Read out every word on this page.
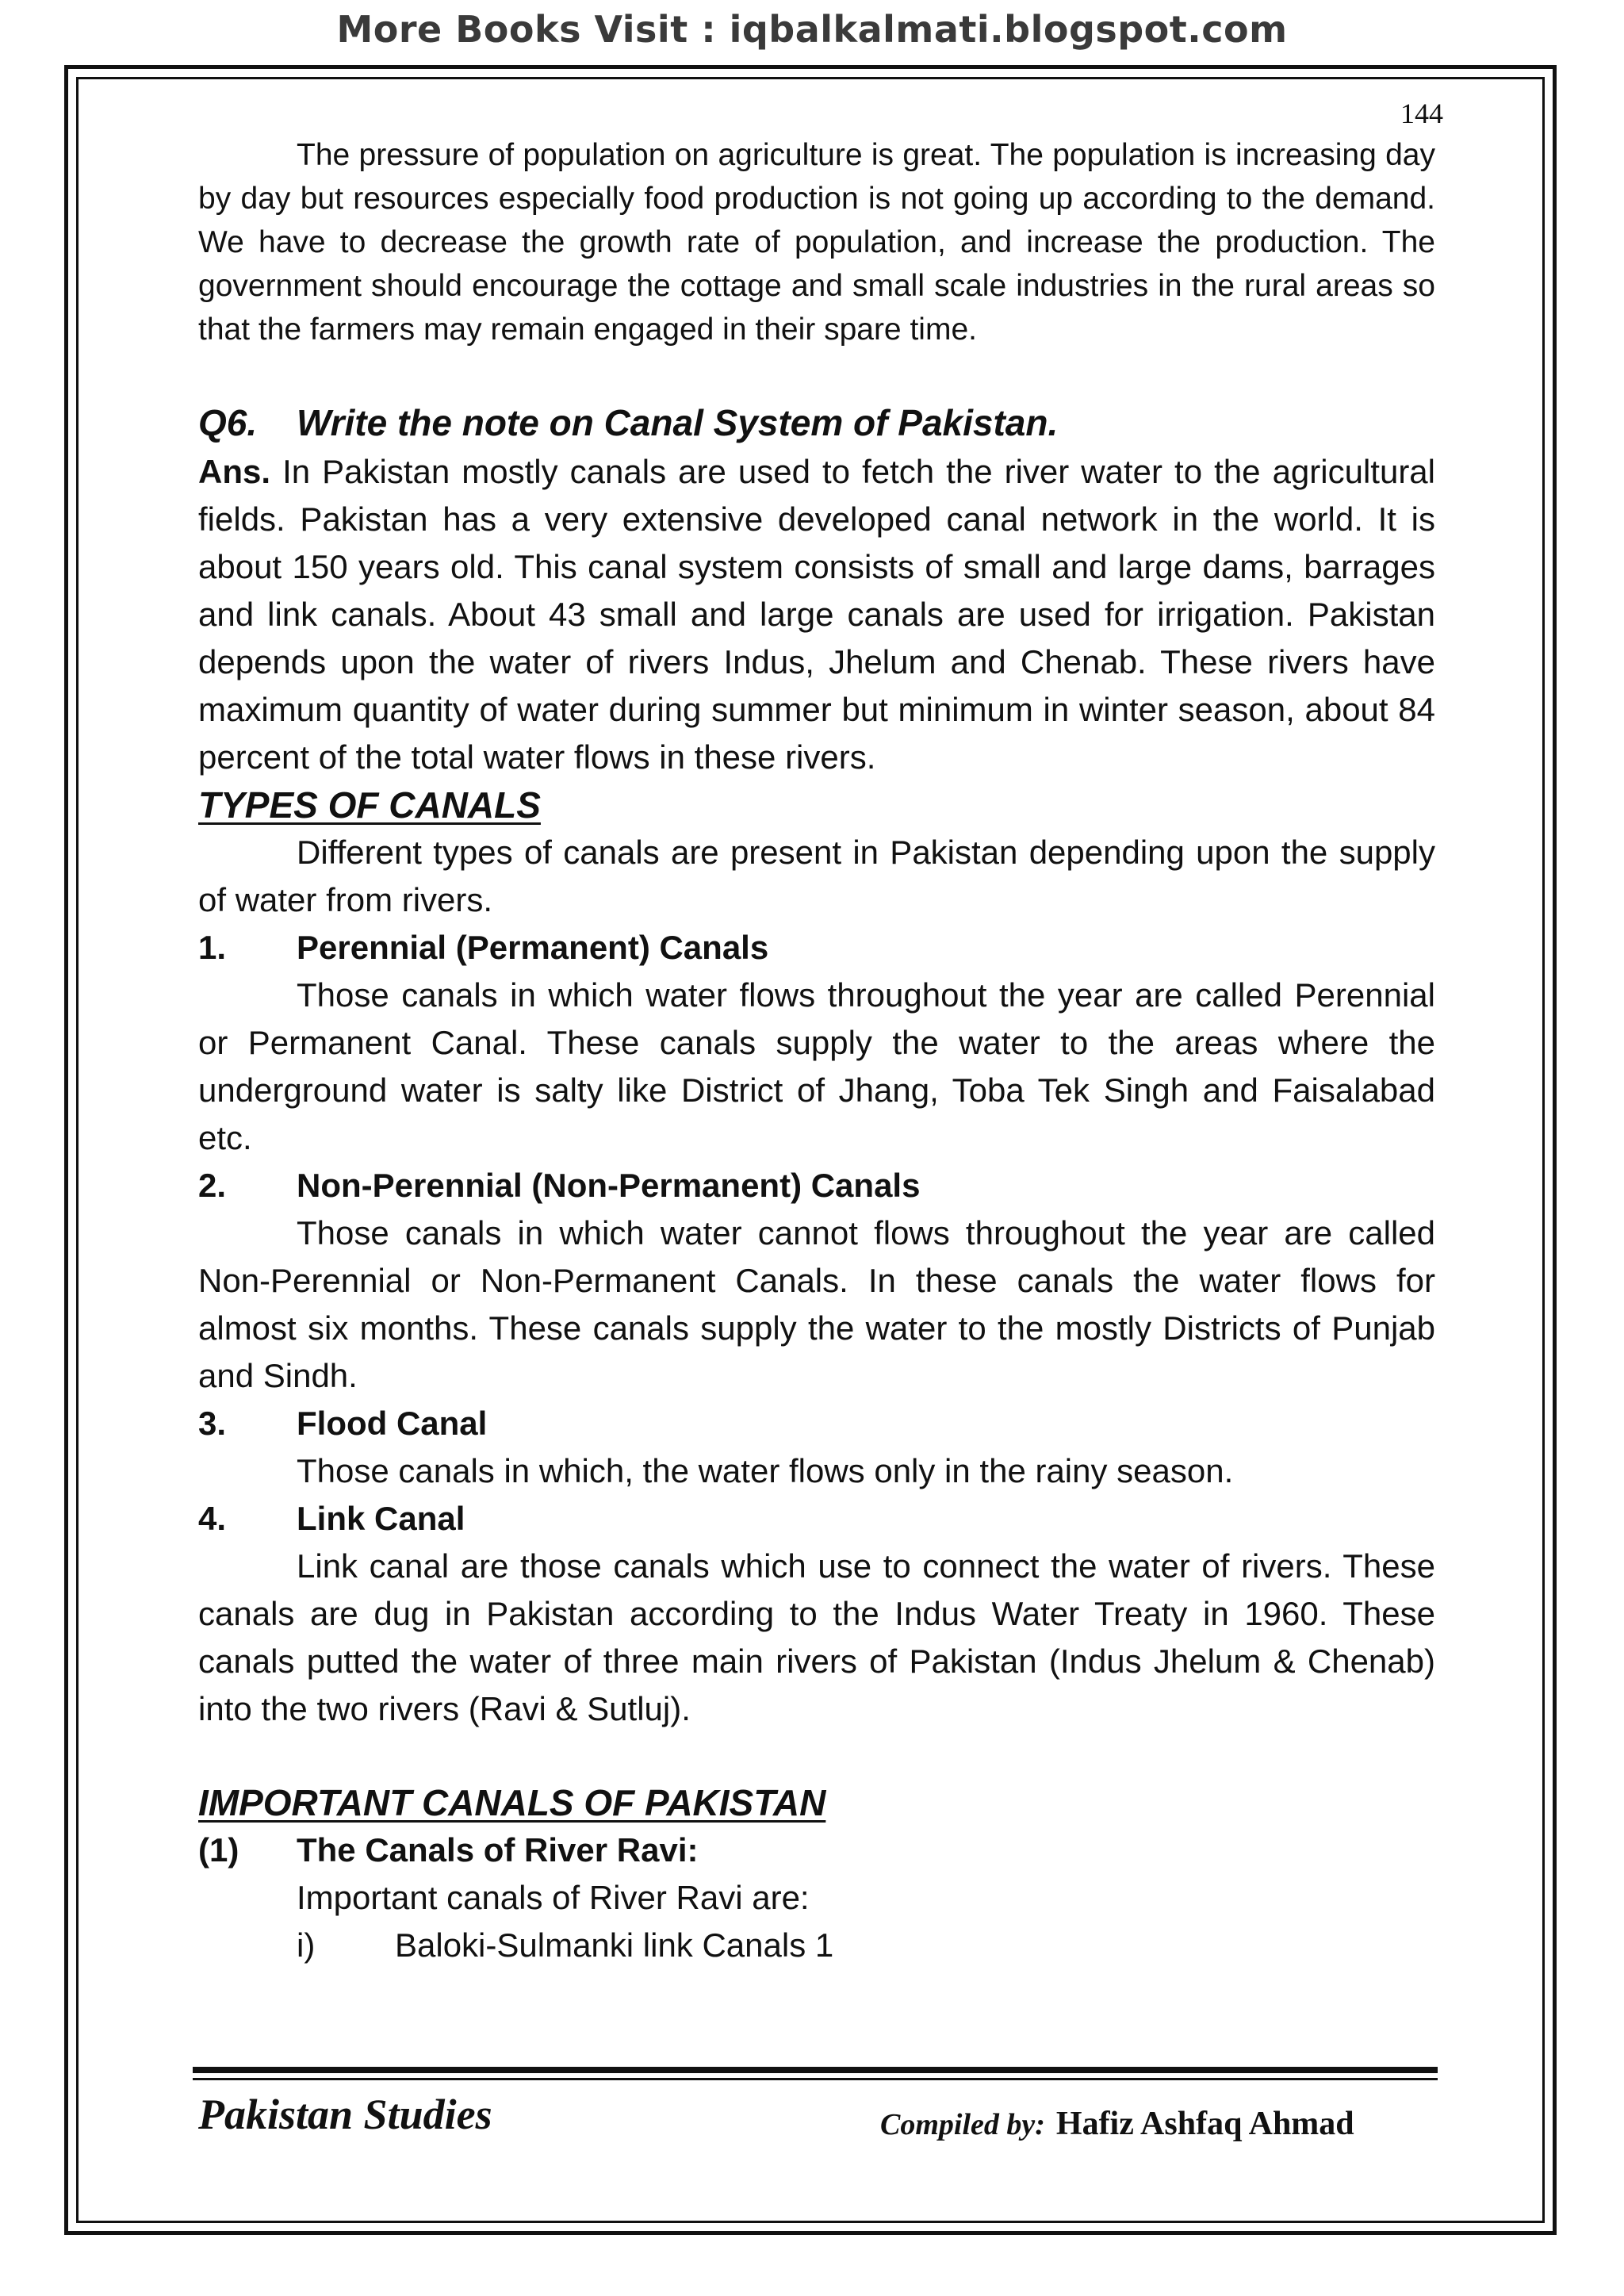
More Books Visit : iqbalkalmati.blogspot.com
144

The pressure of population on agriculture is great. The population is increasing day by day but resources especially food production is not going up according to the demand. We have to decrease the growth rate of population, and increase the production. The government should encourage the cottage and small scale industries in the rural areas so that the farmers may remain engaged in their spare time.

Q6. Write the note on Canal System of Pakistan.

Ans. In Pakistan mostly canals are used to fetch the river water to the agricultural fields. Pakistan has a very extensive developed canal network in the world. It is about 150 years old. This canal system consists of small and large dams, barrages and link canals. About 43 small and large canals are used for irrigation. Pakistan depends upon the water of rivers Indus, Jhelum and Chenab. These rivers have maximum quantity of water during summer but minimum in winter season, about 84 percent of the total water flows in these rivers.

TYPES OF CANALS

Different types of canals are present in Pakistan depending upon the supply of water from rivers.

1. Perennial (Permanent) Canals

Those canals in which water flows throughout the year are called Perennial or Permanent Canal. These canals supply the water to the areas where the underground water is salty like District of Jhang, Toba Tek Singh and Faisalabad etc.

2. Non-Perennial (Non-Permanent) Canals

Those canals in which water cannot flows throughout the year are called Non-Perennial or Non-Permanent Canals. In these canals the water flows for almost six months. These canals supply the water to the mostly Districts of Punjab and Sindh.

3. Flood Canal
Those canals in which, the water flows only in the rainy season.
4. Link Canal

Link canal are those canals which use to connect the water of rivers. These canals are dug in Pakistan according to the Indus Water Treaty in 1960. These canals putted the water of three main rivers of Pakistan (Indus Jhelum & Chenab) into the two rivers (Ravi & Sutluj).

IMPORTANT CANALS OF PAKISTAN
(1) The Canals of River Ravi:
Important canals of River Ravi are:
i) Baloki-Sulmanki link Canals 1
Pakistan Studies	Compiled by: Hafiz Ashfaq Ahmad
